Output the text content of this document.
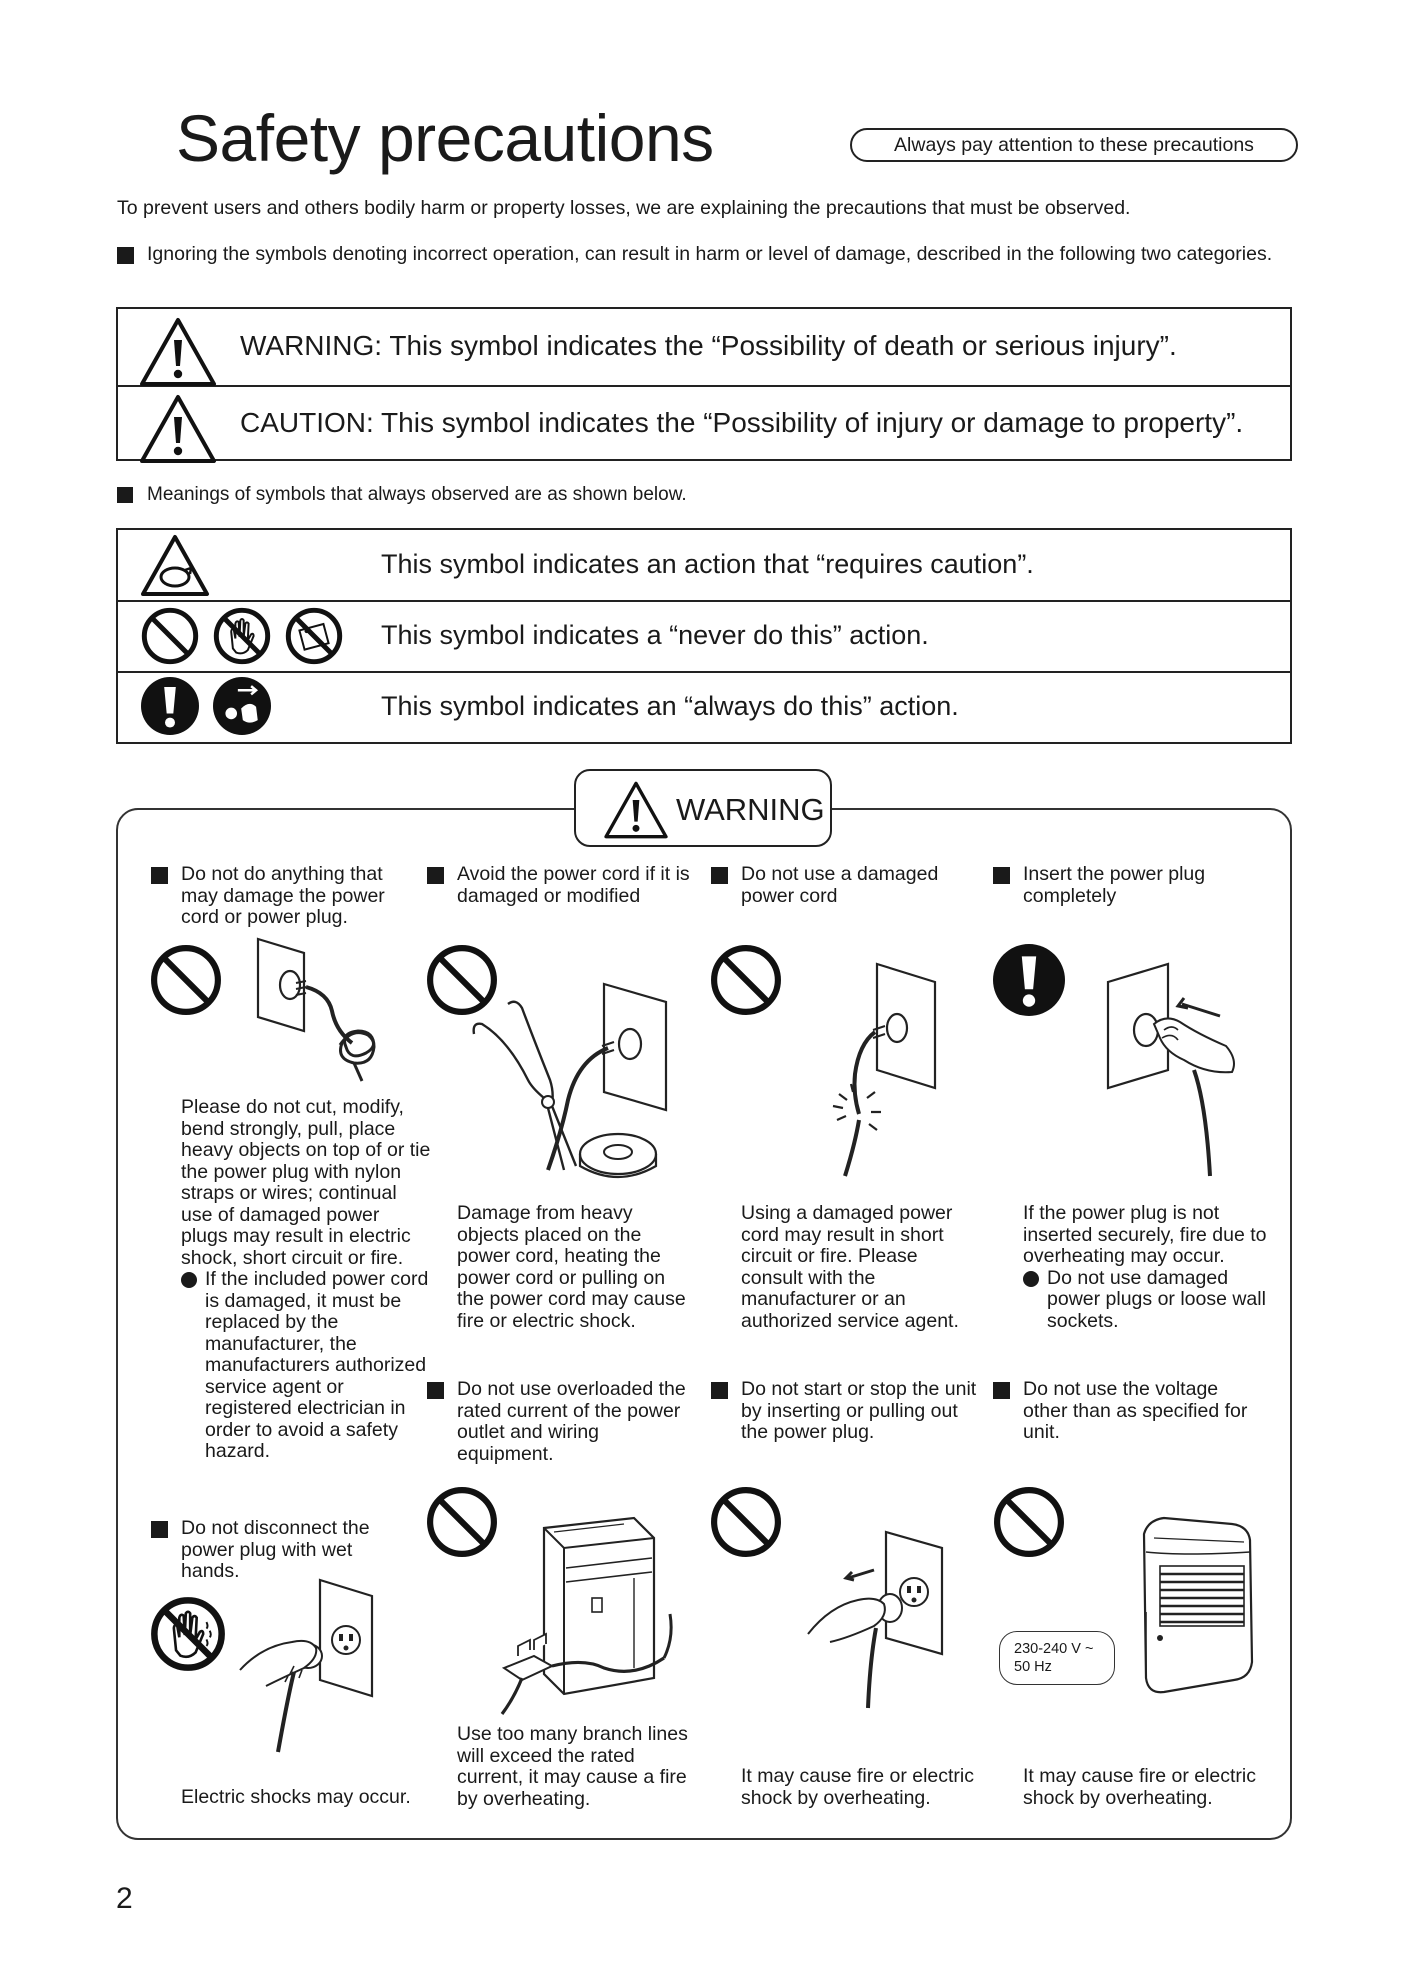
Safety precautions	Always pay attention to these precautions
To prevent users and others bodily harm or property losses, we are explaining the precautions that must be observed.
Ignoring the symbols denoting incorrect operation, can result in harm or level of damage, described in the following two categories.
WARNING: This symbol indicates the “Possibility of death or serious injury”.
CAUTION: This symbol indicates the “Possibility of injury or damage to property”.
Meanings of symbols that always observed are as shown below.
This symbol indicates an action that “requires caution”.
This symbol indicates a “never do this” action.
This symbol indicates an “always do this” action.
WARNING
Do not do anything that may damage the power cord or power plug.
Please do not cut, modify, bend strongly, pull, place heavy objects on top of or tie the power plug with nylon straps or wires; continual use of damaged power plugs may result in electric shock, short circuit or fire.
If the included power cord is damaged, it must be replaced by the manufacturer, the manufacturers authorized service agent or registered electrician in order to avoid a safety hazard.
Do not disconnect the power plug with wet hands.
Electric shocks may occur.
Avoid the power cord if it is damaged or modified
Damage from heavy objects placed on the power cord, heating the power cord or pulling on the power cord may cause fire or electric shock.
Do not use overloaded the rated current of the power outlet and wiring equipment.
Use too many branch lines will exceed the rated current, it may cause a fire by overheating.
Do not use a damaged power cord
Using a damaged power cord may result in short circuit or fire. Please consult with the manufacturer or an authorized service agent.
Do not start or stop the unit by inserting or pulling out the power plug.
It may cause fire or electric shock by overheating.
Insert the power plug completely
If the power plug is not inserted securely, fire due to overheating may occur.
Do not use damaged power plugs or loose wall sockets.
Do not use the voltage other than as specified for unit.
230-240 V ~
50 Hz
It may cause fire or electric shock by overheating.
2
